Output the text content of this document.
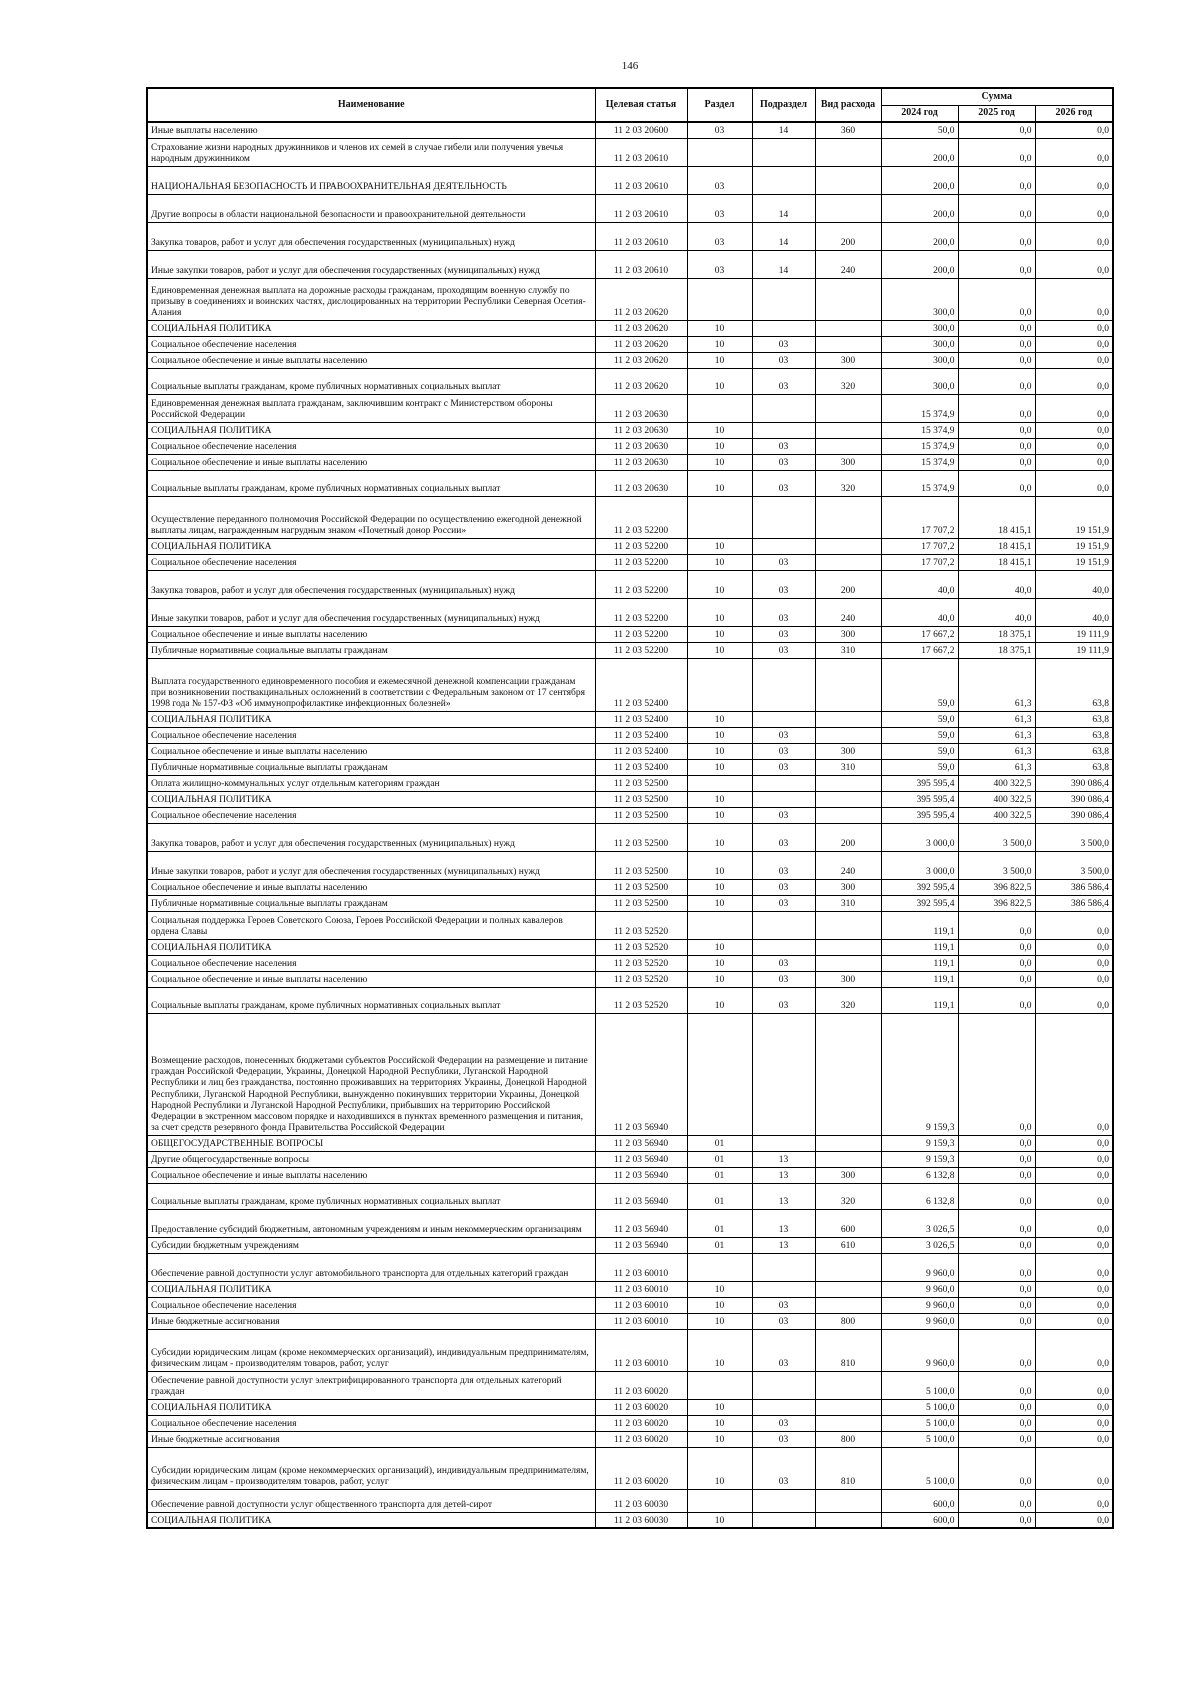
146
Наименование	Целевая статья	Раздел	Подраздел	Вид расхода	Сумма		
					2024 год	2025 год	2026 год
Иные выплаты населению	11 2 03 20600	03	14	360	50,0	0,0	0,0
Страхование жизни народных дружинников и членов их семей в случае гибели или получения увечья народным дружинником	11 2 03 20610				200,0	0,0	0,0
НАЦИОНАЛЬНАЯ БЕЗОПАСНОСТЬ И ПРАВООХРАНИТЕЛЬНАЯ ДЕЯТЕЛЬНОСТЬ	11 2 03 20610	03			200,0	0,0	0,0
Другие вопросы в области национальной безопасности и правоохранительной деятельности	11 2 03 20610	03	14		200,0	0,0	0,0
Закупка товаров, работ и услуг для обеспечения государственных (муниципальных) нужд	11 2 03 20610	03	14	200	200,0	0,0	0,0
Иные закупки товаров, работ и услуг для обеспечения государственных (муниципальных) нужд	11 2 03 20610	03	14	240	200,0	0,0	0,0
Единовременная денежная выплата на дорожные расходы гражданам, проходящим военную службу по призыву в соединениях и воинских частях, дислоцированных на территории Республики Северная Осетия-Алания	11 2 03 20620				300,0	0,0	0,0
СОЦИАЛЬНАЯ ПОЛИТИКА	11 2 03 20620	10			300,0	0,0	0,0
Социальное обеспечение населения	11 2 03 20620	10	03		300,0	0,0	0,0
Социальное обеспечение и иные выплаты населению	11 2 03 20620	10	03	300	300,0	0,0	0,0
Социальные выплаты гражданам, кроме публичных нормативных социальных выплат	11 2 03 20620	10	03	320	300,0	0,0	0,0
Единовременная денежная выплата гражданам, заключившим контракт с Министерством обороны Российской Федерации	11 2 03 20630				15 374,9	0,0	0,0
СОЦИАЛЬНАЯ ПОЛИТИКА	11 2 03 20630	10			15 374,9	0,0	0,0
Социальное обеспечение населения	11 2 03 20630	10	03		15 374,9	0,0	0,0
Социальное обеспечение и иные выплаты населению	11 2 03 20630	10	03	300	15 374,9	0,0	0,0
Социальные выплаты гражданам, кроме публичных нормативных социальных выплат	11 2 03 20630	10	03	320	15 374,9	0,0	0,0
Осуществление переданного полномочия Российской Федерации по осуществлению ежегодной денежной выплаты лицам, награжденным нагрудным знаком «Почетный донор России»	11 2 03 52200				17 707,2	18 415,1	19 151,9
СОЦИАЛЬНАЯ ПОЛИТИКА	11 2 03 52200	10			17 707,2	18 415,1	19 151,9
Социальное обеспечение населения	11 2 03 52200	10	03		17 707,2	18 415,1	19 151,9
Закупка товаров, работ и услуг для обеспечения государственных (муниципальных) нужд	11 2 03 52200	10	03	200	40,0	40,0	40,0
Иные закупки товаров, работ и услуг для обеспечения государственных (муниципальных) нужд	11 2 03 52200	10	03	240	40,0	40,0	40,0
Социальное обеспечение и иные выплаты населению	11 2 03 52200	10	03	300	17 667,2	18 375,1	19 111,9
Публичные нормативные социальные выплаты гражданам	11 2 03 52200	10	03	310	17 667,2	18 375,1	19 111,9
Выплата государственного единовременного пособия и ежемесячной денежной компенсации гражданам при возникновении поствакцинальных осложнений в соответствии с Федеральным законом от 17 сентября 1998 года № 157-ФЗ «Об иммунопрофилактике инфекционных болезней»	11 2 03 52400				59,0	61,3	63,8
СОЦИАЛЬНАЯ ПОЛИТИКА	11 2 03 52400	10			59,0	61,3	63,8
Социальное обеспечение населения	11 2 03 52400	10	03		59,0	61,3	63,8
Социальное обеспечение и иные выплаты населению	11 2 03 52400	10	03	300	59,0	61,3	63,8
Публичные нормативные социальные выплаты гражданам	11 2 03 52400	10	03	310	59,0	61,3	63,8
Оплата жилищно-коммунальных услуг отдельным категориям граждан	11 2 03 52500				395 595,4	400 322,5	390 086,4
СОЦИАЛЬНАЯ ПОЛИТИКА	11 2 03 52500	10			395 595,4	400 322,5	390 086,4
Социальное обеспечение населения	11 2 03 52500	10	03		395 595,4	400 322,5	390 086,4
Закупка товаров, работ и услуг для обеспечения государственных (муниципальных) нужд	11 2 03 52500	10	03	200	3 000,0	3 500,0	3 500,0
Иные закупки товаров, работ и услуг для обеспечения государственных (муниципальных) нужд	11 2 03 52500	10	03	240	3 000,0	3 500,0	3 500,0
Социальное обеспечение и иные выплаты населению	11 2 03 52500	10	03	300	392 595,4	396 822,5	386 586,4
Публичные нормативные социальные выплаты гражданам	11 2 03 52500	10	03	310	392 595,4	396 822,5	386 586,4
Социальная поддержка Героев Советского Союза, Героев Российской Федерации и полных кавалеров ордена Славы	11 2 03 52520				119,1	0,0	0,0
СОЦИАЛЬНАЯ ПОЛИТИКА	11 2 03 52520	10			119,1	0,0	0,0
Социальное обеспечение населения	11 2 03 52520	10	03		119,1	0,0	0,0
Социальное обеспечение и иные выплаты населению	11 2 03 52520	10	03	300	119,1	0,0	0,0
Социальные выплаты гражданам, кроме публичных нормативных социальных выплат	11 2 03 52520	10	03	320	119,1	0,0	0,0
Возмещение расходов, понесенных бюджетами субъектов Российской Федерации на размещение и питание граждан Российской Федерации, Украины, Донецкой Народной Республики, Луганской Народной Республики и лиц без гражданства, постоянно проживавших на территориях Украины, Донецкой Народной Республики, Луганской Народной Республики, вынужденно покинувших территории Украины, Донецкой Народной Республики и Луганской Народной Республики, прибывших на территорию Российской Федерации в экстренном массовом порядке и находившихся в пунктах временного размещения и питания, за счет средств резервного фонда Правительства Российской Федерации	11 2 03 56940				9 159,3	0,0	0,0
ОБЩЕГОСУДАРСТВЕННЫЕ ВОПРОСЫ	11 2 03 56940	01			9 159,3	0,0	0,0
Другие общегосударственные вопросы	11 2 03 56940	01	13		9 159,3	0,0	0,0
Социальное обеспечение и иные выплаты населению	11 2 03 56940	01	13	300	6 132,8	0,0	0,0
Социальные выплаты гражданам, кроме публичных нормативных социальных выплат	11 2 03 56940	01	13	320	6 132,8	0,0	0,0
Предоставление субсидий бюджетным, автономным учреждениям и иным некоммерческим организациям	11 2 03 56940	01	13	600	3 026,5	0,0	0,0
Субсидии бюджетным учреждениям	11 2 03 56940	01	13	610	3 026,5	0,0	0,0
Обеспечение равной доступности услуг автомобильного транспорта для отдельных категорий граждан	11 2 03 60010				9 960,0	0,0	0,0
СОЦИАЛЬНАЯ ПОЛИТИКА	11 2 03 60010	10			9 960,0	0,0	0,0
Социальное обеспечение населения	11 2 03 60010	10	03		9 960,0	0,0	0,0
Иные бюджетные ассигнования	11 2 03 60010	10	03	800	9 960,0	0,0	0,0
Субсидии юридическим лицам (кроме некоммерческих организаций), индивидуальным предпринимателям, физическим лицам - производителям товаров, работ, услуг	11 2 03 60010	10	03	810	9 960,0	0,0	0,0
Обеспечение равной доступности услуг электрифицированного транспорта для отдельных категорий граждан	11 2 03 60020				5 100,0	0,0	0,0
СОЦИАЛЬНАЯ ПОЛИТИКА	11 2 03 60020	10			5 100,0	0,0	0,0
Социальное обеспечение населения	11 2 03 60020	10	03		5 100,0	0,0	0,0
Иные бюджетные ассигнования	11 2 03 60020	10	03	800	5 100,0	0,0	0,0
Субсидии юридическим лицам (кроме некоммерческих организаций), индивидуальным предпринимателям, физическим лицам - производителям товаров, работ, услуг	11 2 03 60020	10	03	810	5 100,0	0,0	0,0
Обеспечение равной доступности услуг общественного транспорта для детей-сирот	11 2 03 60030				600,0	0,0	0,0
СОЦИАЛЬНАЯ ПОЛИТИКА	11 2 03 60030	10			600,0	0,0	0,0
